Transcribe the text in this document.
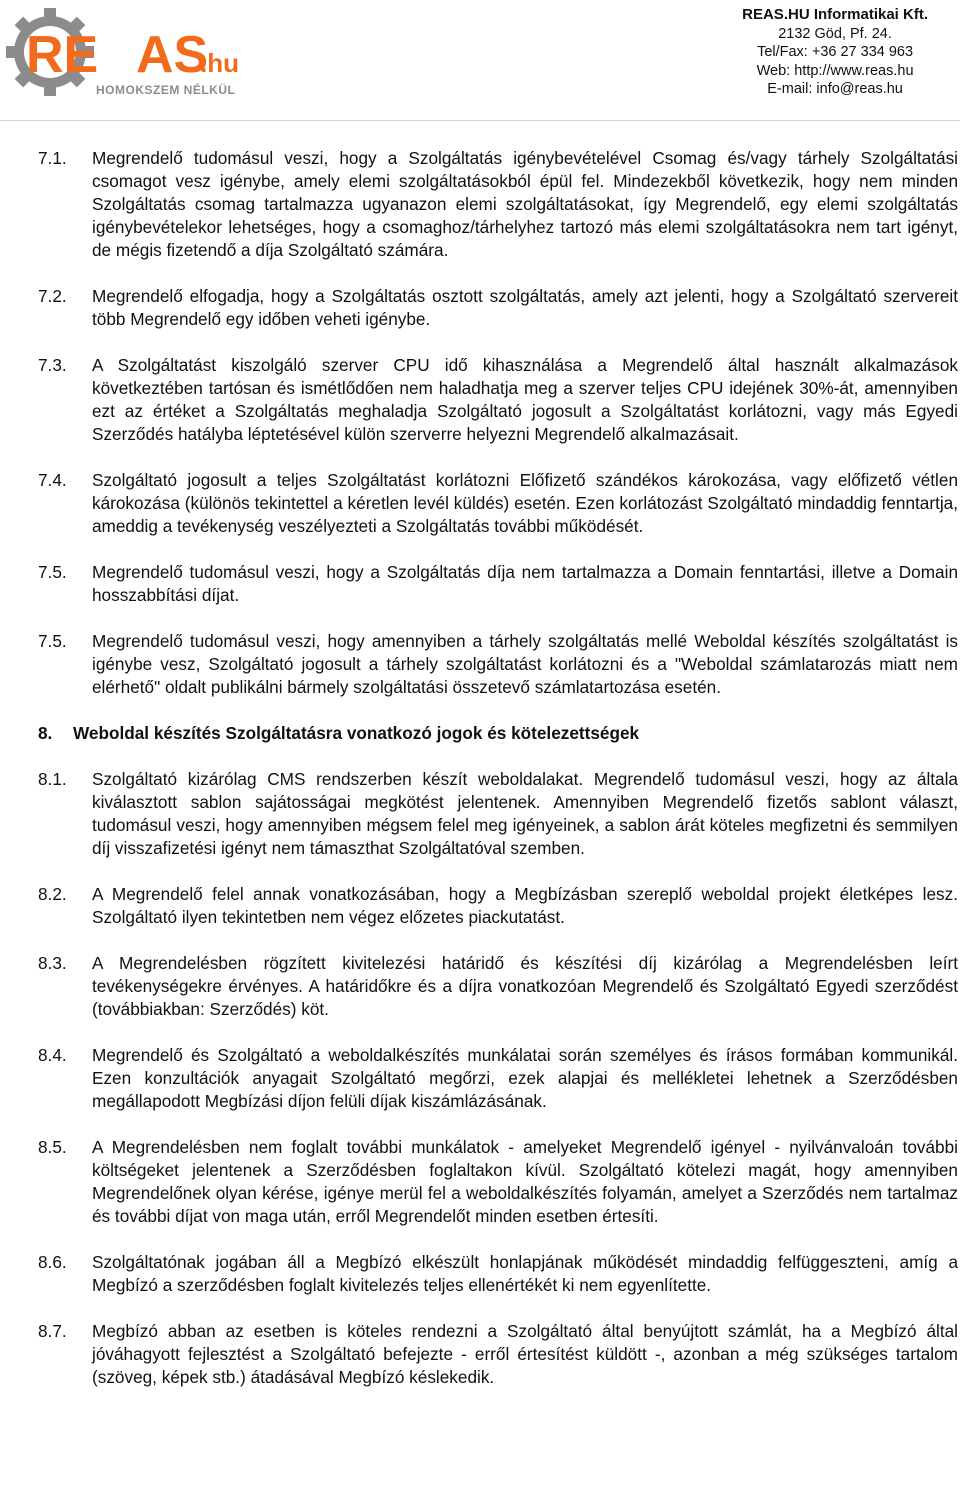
RE AS
.hu
HOMOKSZEM NÉLKÜL
REAS.HU Informatikai Kft.
2132 Göd, Pf. 24.
Tel/Fax: +36 27 334 963
Web: http://www.reas.hu
E-mail: info@reas.hu
7.1.	Megrendelő tudomásul veszi, hogy a Szolgáltatás igénybevételével Csomag és/vagy tárhely Szolgáltatási csomagot vesz igénybe, amely elemi szolgáltatásokból épül fel. Mindezekből következik, hogy nem minden Szolgáltatás csomag tartalmazza ugyanazon elemi szolgáltatásokat, így Megrendelő, egy elemi szolgáltatás igénybevételekor lehetséges, hogy a csomaghoz/tárhelyhez tartozó más elemi szolgáltatásokra nem tart igényt, de mégis fizetendő a díja Szolgáltató számára.
7.2.	Megrendelő elfogadja, hogy a Szolgáltatás osztott szolgáltatás, amely azt jelenti, hogy a Szolgáltató szervereit több Megrendelő egy időben veheti igénybe.
7.3.	A Szolgáltatást kiszolgáló szerver CPU idő kihasználása a Megrendelő által használt alkalmazások következtében tartósan és ismétlődően nem haladhatja meg a szerver teljes CPU idejének 30%-át, amennyiben ezt az értéket a Szolgáltatás meghaladja Szolgáltató jogosult a Szolgáltatást korlátozni, vagy más Egyedi Szerződés hatályba léptetésével külön szerverre helyezni Megrendelő alkalmazásait.
7.4.	Szolgáltató jogosult a teljes Szolgáltatást korlátozni Előfizető szándékos károkozása, vagy előfizető vétlen károkozása (különös tekintettel a kéretlen levél küldés) esetén. Ezen korlátozást Szolgáltató mindaddig fenntartja, ameddig a tevékenység veszélyezteti a Szolgáltatás további működését.
7.5.	Megrendelő tudomásul veszi, hogy a Szolgáltatás díja nem tartalmazza a Domain fenntartási, illetve a Domain hosszabbítási díjat.
7.5.	Megrendelő tudomásul veszi, hogy amennyiben a tárhely szolgáltatás mellé Weboldal készítés szolgáltatást is igénybe vesz, Szolgáltató jogosult a tárhely szolgáltatást korlátozni és a "Weboldal számlatarozás miatt nem elérhető" oldalt publikálni bármely szolgáltatási összetevő számlatartozása esetén.
8.	Weboldal készítés Szolgáltatásra vonatkozó jogok és kötelezettségek
8.1.	Szolgáltató kizárólag CMS rendszerben készít weboldalakat. Megrendelő tudomásul veszi, hogy az általa kiválasztott sablon sajátosságai megkötést jelentenek. Amennyiben Megrendelő fizetős sablont választ, tudomásul veszi, hogy amennyiben mégsem felel meg igényeinek, a sablon árát köteles megfizetni és semmilyen díj visszafizetési igényt nem támaszthat Szolgáltatóval szemben.
8.2.	A Megrendelő felel annak vonatkozásában, hogy a Megbízásban szereplő weboldal projekt életképes lesz. Szolgáltató ilyen tekintetben nem végez előzetes piackutatást.
8.3.	A Megrendelésben rögzített kivitelezési határidő és készítési díj kizárólag a Megrendelésben leírt tevékenységekre érvényes. A határidőkre és a díjra vonatkozóan Megrendelő és Szolgáltató Egyedi szerződést (továbbiakban: Szerződés) köt.
8.4.	Megrendelő és Szolgáltató a weboldalkészítés munkálatai során személyes és írásos formában kommunikál. Ezen konzultációk anyagait Szolgáltató megőrzi, ezek alapjai és mellékletei lehetnek a Szerződésben megállapodott Megbízási díjon felüli díjak kiszámlázásának.
8.5.	A Megrendelésben nem foglalt további munkálatok - amelyeket Megrendelő igényel - nyilvánvaloán további költségeket jelentenek a Szerződésben foglaltakon kívül. Szolgáltató kötelezi magát, hogy amennyiben Megrendelőnek olyan kérése, igénye merül fel a weboldalkészítés folyamán, amelyet a Szerződés nem tartalmaz és további díjat von maga után, erről Megrendelőt minden esetben értesíti.
8.6.	Szolgáltatónak jogában áll a Megbízó elkészült honlapjának működését mindaddig felfüggeszteni, amíg a Megbízó a szerződésben foglalt kivitelezés teljes ellenértékét ki nem egyenlítette.
8.7.	Megbízó abban az esetben is köteles rendezni a Szolgáltató által benyújtott számlát, ha a Megbízó által jóváhagyott fejlesztést a Szolgáltató befejezte - erről értesítést küldött -, azonban a még szükséges tartalom (szöveg, képek stb.) átadásával Megbízó késlekedik.
